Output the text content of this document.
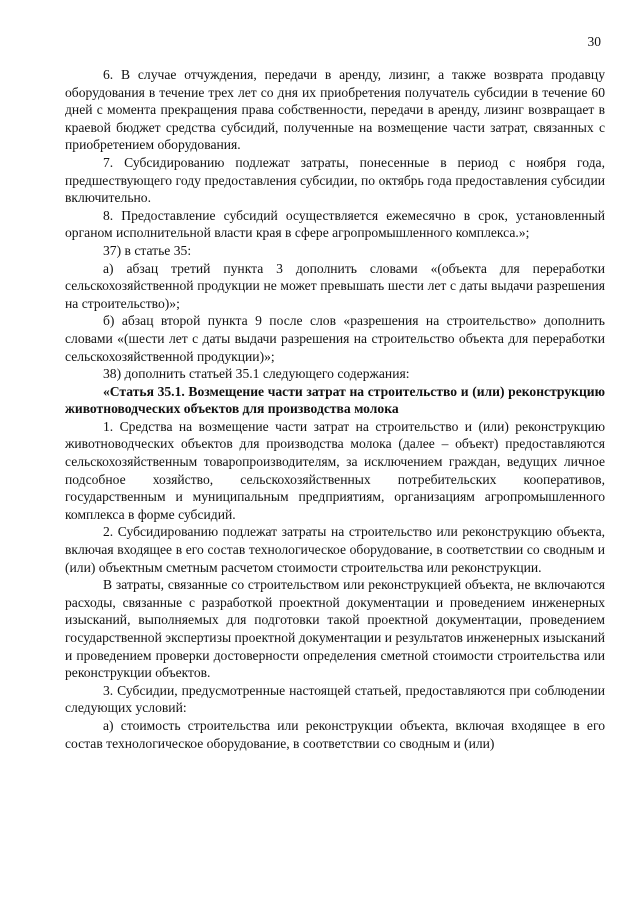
30

6. В случае отчуждения, передачи в аренду, лизинг, а также возврата продавцу оборудования в течение трех лет со дня их приобретения получатель субсидии в течение 60 дней с момента прекращения права собственности, передачи в аренду, лизинг возвращает в краевой бюджет средства субсидий, полученные на возмещение части затрат, связанных с приобретением оборудования.

7. Субсидированию подлежат затраты, понесенные в период с ноября года, предшествующего году предоставления субсидии, по октябрь года предоставления субсидии включительно.

8. Предоставление субсидий осуществляется ежемесячно в срок, установленный органом исполнительной власти края в сфере агропромышленного комплекса.»;

37) в статье 35:

а) абзац третий пункта 3 дополнить словами «(объекта для переработки сельскохозяйственной продукции не может превышать шести лет с даты выдачи разрешения на строительство)»;

б) абзац второй пункта 9 после слов «разрешения на строительство» дополнить словами «(шести лет с даты выдачи разрешения на строительство объекта для переработки сельскохозяйственной продукции)»;

38) дополнить статьей 35.1 следующего содержания:

«Статья 35.1. Возмещение части затрат на строительство и (или) реконструкцию животноводческих объектов для производства молока

1. Средства на возмещение части затрат на строительство и (или) реконструкцию животноводческих объектов для производства молока (далее – объект) предоставляются сельскохозяйственным товаропроизводителям, за исключением граждан, ведущих личное подсобное хозяйство, сельскохозяйственных потребительских кооперативов, государственным и муниципальным предприятиям, организациям агропромышленного комплекса в форме субсидий.

2. Субсидированию подлежат затраты на строительство или реконструкцию объекта, включая входящее в его состав технологическое оборудование, в соответствии со сводным и (или) объектным сметным расчетом стоимости строительства или реконструкции.

В затраты, связанные со строительством или реконструкцией объекта, не включаются расходы, связанные с разработкой проектной документации и проведением инженерных изысканий, выполняемых для подготовки такой проектной документации, проведением государственной экспертизы проектной документации и результатов инженерных изысканий и проведением проверки достоверности определения сметной стоимости строительства или реконструкции объектов.

3. Субсидии, предусмотренные настоящей статьей, предоставляются при соблюдении следующих условий:

а) стоимость строительства или реконструкции объекта, включая входящее в его состав технологическое оборудование, в соответствии со сводным и (или)
